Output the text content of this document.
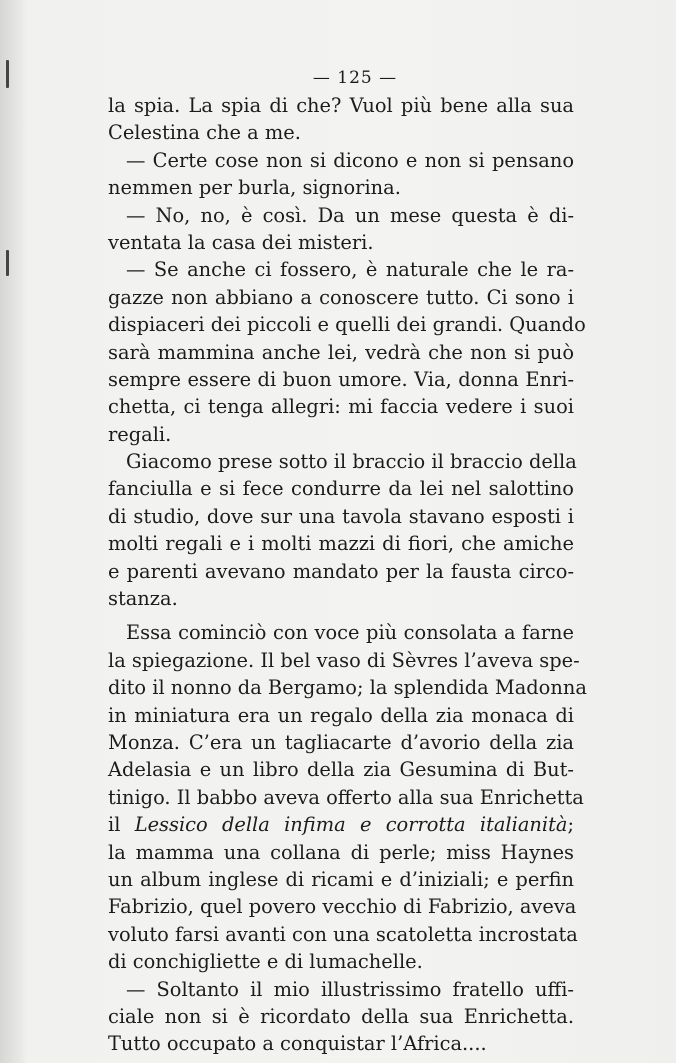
— 125 —
la spia. La spia di che? Vuol più bene alla sua
Celestina che a me.
— Certe cose non si dicono e non si pensano
nemmen per burla, signorina.
— No, no, è così. Da un mese questa è di-
ventata la casa dei misteri.
— Se anche ci fossero, è naturale che le ra-
gazze non abbiano a conoscere tutto. Ci sono i
dispiaceri dei piccoli e quelli dei grandi. Quando
sarà mammina anche lei, vedrà che non si può
sempre essere di buon umore. Via, donna Enri-
chetta, ci tenga allegri: mi faccia vedere i suoi
regali.
Giacomo prese sotto il braccio il braccio della
fanciulla e si fece condurre da lei nel salottino
di studio, dove sur una tavola stavano esposti i
molti regali e i molti mazzi di fiori, che amiche
e parenti avevano mandato per la fausta circo-
stanza.
Essa cominciò con voce più consolata a farne
la spiegazione. Il bel vaso di Sèvres l’aveva spe-
dito il nonno da Bergamo; la splendida Madonna
in miniatura era un regalo della zia monaca di
Monza. C’era un tagliacarte d’avorio della zia
Adelasia e un libro della zia Gesumina di But-
tinigo. Il babbo aveva offerto alla sua Enrichetta
il Lessico della infima e corrotta italianità;
la mamma una collana di perle; miss Haynes
un album inglese di ricami e d’iniziali; e perfin
Fabrizio, quel povero vecchio di Fabrizio, aveva
voluto farsi avanti con una scatoletta incrostata
di conchigliette e di lumachelle.
— Soltanto il mio illustrissimo fratello uffi-
ciale non si è ricordato della sua Enrichetta.
Tutto occupato a conquistar l’Africa....
